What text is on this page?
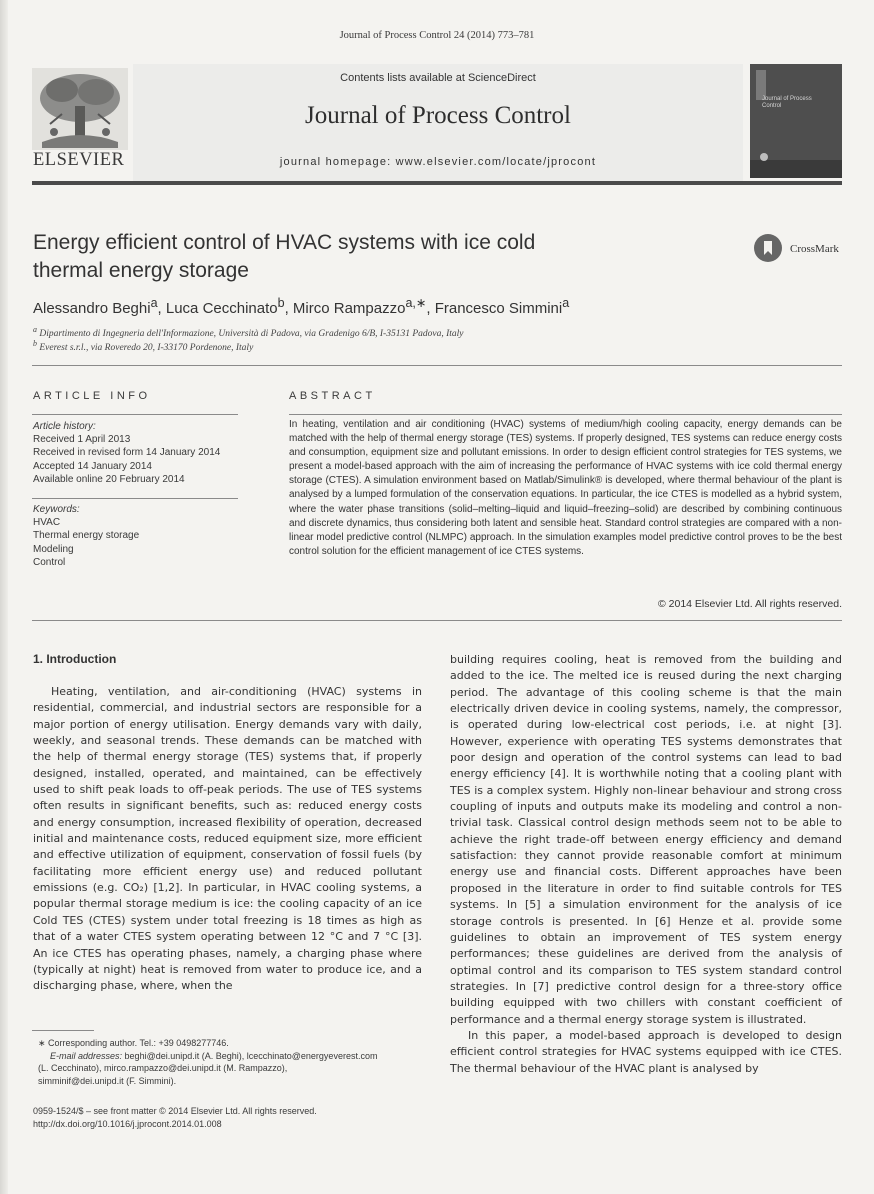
Journal of Process Control 24 (2014) 773–781
Contents lists available at ScienceDirect
Journal of Process Control
journal homepage: www.elsevier.com/locate/jprocont
ELSEVIER
Journal of Process Control
Energy efficient control of HVAC systems with ice cold
thermal energy storage
CrossMark
Alessandro Beghi$^a$, Luca Cecchinato$^b$, Mirco Rampazzo$^{a,∗}$, Francesco Simmini$^a$
$^a$ Dipartimento di Ingegneria dell'Informazione, Università di Padova, via Gradenigo 6/B, I-35131 Padova, Italy
$^b$ Everest s.r.l., via Roveredo 20, I-33170 Pordenone, Italy
ARTICLE INFO
Article history:
Received 1 April 2013
Received in revised form 14 January 2014
Accepted 14 January 2014
Available online 20 February 2014
Keywords:
HVAC
Thermal energy storage
Modeling
Control
ABSTRACT
In heating, ventilation and air conditioning (HVAC) systems of medium/high cooling capacity, energy demands can be matched with the help of thermal energy storage (TES) systems. If properly designed, TES systems can reduce energy costs and consumption, equipment size and pollutant emissions. In order to design efficient control strategies for TES systems, we present a model-based approach with the aim of increasing the performance of HVAC systems with ice cold thermal energy storage (CTES). A simulation environment based on Matlab/Simulink® is developed, where thermal behaviour of the plant is analysed by a lumped formulation of the conservation equations. In particular, the ice CTES is modelled as a hybrid system, where the water phase transitions (solid–melting–liquid and liquid–freezing–solid) are described by combining continuous and discrete dynamics, thus considering both latent and sensible heat. Standard control strategies are compared with a non-linear model predictive control (NLMPC) approach. In the simulation examples model predictive control proves to be the best control solution for the efficient management of ice CTES systems.
© 2014 Elsevier Ltd. All rights reserved.
1. Introduction
Heating, ventilation, and air-conditioning (HVAC) systems in residential, commercial, and industrial sectors are responsible for a major portion of energy utilisation. Energy demands vary with daily, weekly, and seasonal trends. These demands can be matched with the help of thermal energy storage (TES) systems that, if properly designed, installed, operated, and maintained, can be effectively used to shift peak loads to off-peak periods. The use of TES systems often results in significant benefits, such as: reduced energy costs and energy consumption, increased flexibility of operation, decreased initial and maintenance costs, reduced equipment size, more efficient and effective utilization of equipment, conservation of fossil fuels (by facilitating more efficient energy use) and reduced pollutant emissions (e.g. CO₂) [1,2]. In particular, in HVAC cooling systems, a popular thermal storage medium is ice: the cooling capacity of an ice Cold TES (CTES) system under total freezing is 18 times as high as that of a water CTES system operating between 12 °C and 7 °C [3]. An ice CTES has operating phases, namely, a charging phase where (typically at night) heat is removed from water to produce ice, and a discharging phase, where, when the
building requires cooling, heat is removed from the building and added to the ice. The melted ice is reused during the next charging period. The advantage of this cooling scheme is that the main electrically driven device in cooling systems, namely, the compressor, is operated during low-electrical cost periods, i.e. at night [3]. However, experience with operating TES systems demonstrates that poor design and operation of the control systems can lead to bad energy efficiency [4]. It is worthwhile noting that a cooling plant with TES is a complex system. Highly non-linear behaviour and strong cross coupling of inputs and outputs make its modeling and control a non-trivial task. Classical control design methods seem not to be able to achieve the right trade-off between energy efficiency and demand satisfaction: they cannot provide reasonable comfort at minimum energy use and financial costs. Different approaches have been proposed in the literature in order to find suitable controls for TES systems. In [5] a simulation environment for the analysis of ice storage controls is presented. In [6] Henze et al. provide some guidelines to obtain an improvement of TES system energy performances; these guidelines are derived from the analysis of optimal control and its comparison to TES system standard control strategies. In [7] predictive control design for a three-story office building equipped with two chillers with constant coefficient of performance and a thermal energy storage system is illustrated.
In this paper, a model-based approach is developed to design efficient control strategies for HVAC systems equipped with ice CTES. The thermal behaviour of the HVAC plant is analysed by
∗ Corresponding author. Tel.: +39 0498277746.
E-mail addresses: beghi@dei.unipd.it (A. Beghi), lcecchinato@energyeverest.com
(L. Cecchinato), mirco.rampazzo@dei.unipd.it (M. Rampazzo),
simminif@dei.unipd.it (F. Simmini).
0959-1524/$ – see front matter © 2014 Elsevier Ltd. All rights reserved.
http://dx.doi.org/10.1016/j.jprocont.2014.01.008
